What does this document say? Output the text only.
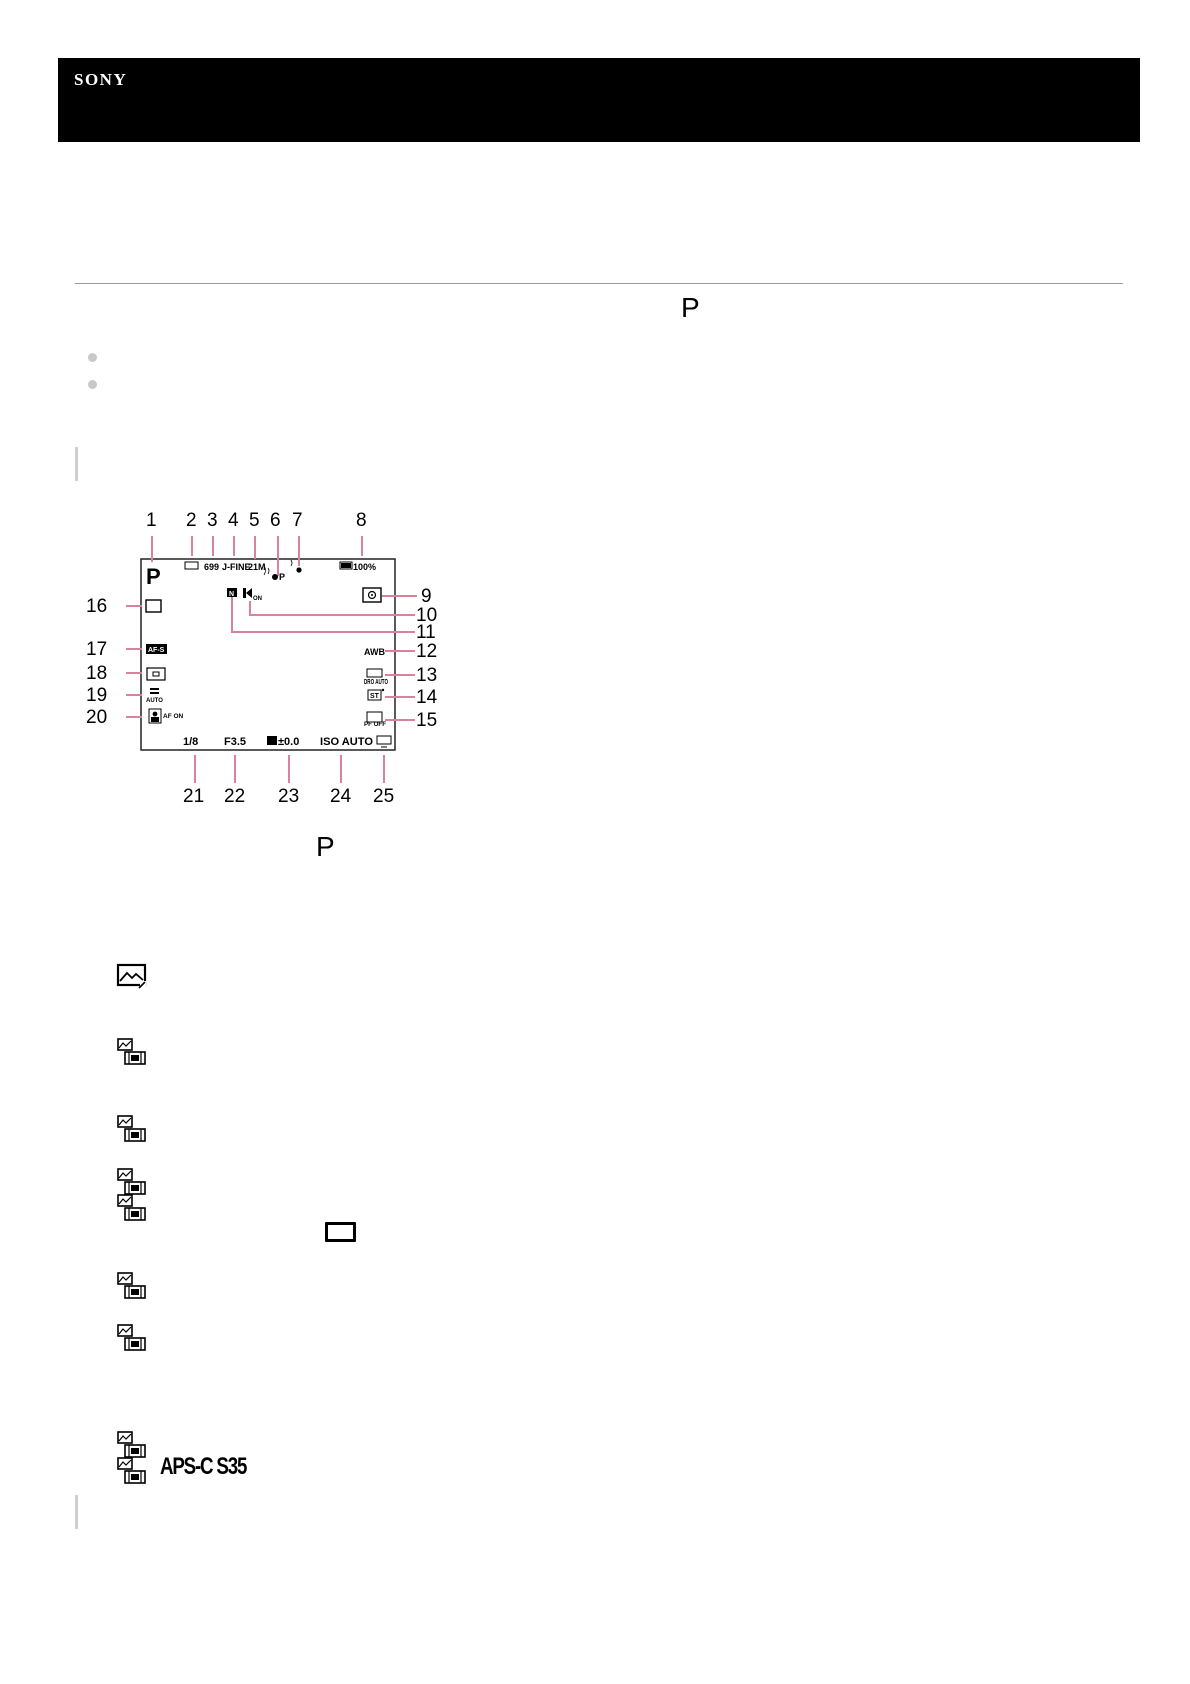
SONY
P
1 2 3 4 5 6 7	8
9
10
11
12
13
14
15
16
17
18
19
20
21 22 23 24 25
P	699 J-FINE
21M
P
100%
N
ON
AF-S
AUTO
AF ON
AWB
DRO AUTO
ST
PF OFF
1/8 F3.5	±0.0 ISO AUTO
P
APS-C S35
